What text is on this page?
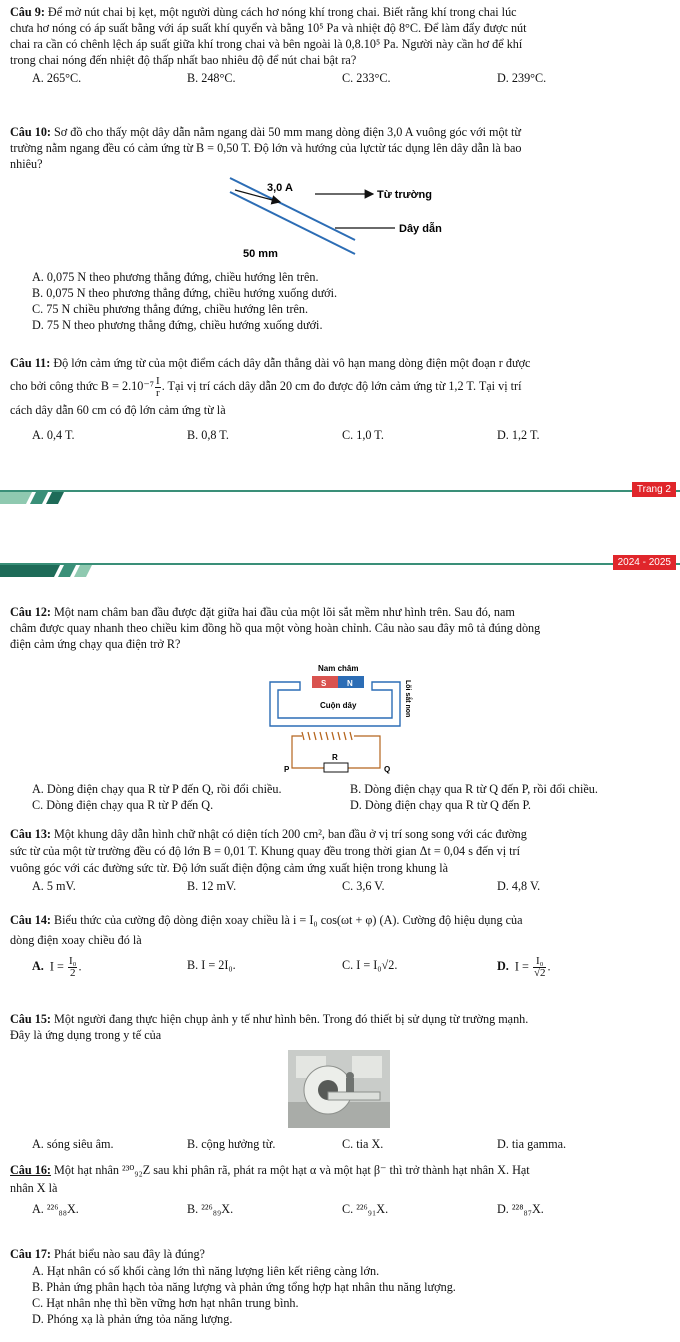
Câu 9: Để mở nút chai bị kẹt, một người dùng cách hơ nóng khí trong chai. Biết rằng khí trong chai lúc
chưa hơ nóng có áp suất bằng với áp suất khí quyển và bằng 10⁵ Pa và nhiệt độ 8°C. Để làm đẩy được nút
chai ra cần có chênh lệch áp suất giữa khí trong chai và bên ngoài là 0,8.10⁵ Pa. Người này cần hơ để khí
trong chai nóng đến nhiệt độ thấp nhất bao nhiêu độ để nút chai bật ra?
A. 265°C.	B. 248°C.	C. 233°C.	D. 239°C.
Câu 10: Sơ đồ cho thấy một dây dẫn nằm ngang dài 50 mm mang dòng điện 3,0 A vuông góc với một từ
trường nằm ngang đều có cảm ứng từ B = 0,50 T. Độ lớn và hướng của lựctừ tác dụng lên dây dẫn là bao
nhiêu?
3,0 A
Từ trường
Dây dẫn
50 mm
A. 0,075 N theo phương thẳng đứng, chiều hướng lên trên.
B. 0,075 N theo phương thẳng đứng, chiều hướng xuống dưới.
C. 75 N chiều phương thẳng đứng, chiều hướng lên trên.
D. 75 N theo phương thẳng đứng, chiều hướng xuống dưới.
Câu 11: Độ lớn cảm ứng từ của một điểm cách dây dẫn thẳng dài vô hạn mang dòng điện một đoạn r được
cho bởi công thức $B = 2.10^{-7} \frac{I}{r}$ . Tại vị trí cách dây dẫn 20 cm đo được độ lớn cảm ứng từ 1,2 T. Tại vị trí
cách dây dẫn 60 cm có độ lớn cảm ứng từ là
A. 0,4 T.	B. 0,8 T.	C. 1,0 T.	D. 1,2 T.
Trang 2
2024 - 2025
Câu 12: Một nam châm ban đầu được đặt giữa hai đầu của một lõi sắt mềm như hình trên. Sau đó, nam
châm được quay nhanh theo chiều kim đồng hồ qua một vòng hoàn chỉnh. Câu nào sau đây mô tả đúng dòng
điện cảm ứng chạy qua điện trở R?
Nam châm
S	N
Cuộn dây	Lõi sắt non
R
P	Q
A. Dòng điện chạy qua R từ P đến Q, rồi đổi chiều.	B. Dòng điện chạy qua R từ Q đến P, rồi đổi chiều.
C. Dòng điện chạy qua R từ P đến Q.	D. Dòng điện chạy qua R từ Q đến P.
Câu 13: Một khung dây dẫn hình chữ nhật có diện tích 200 cm², ban đầu ở vị trí song song với các đường
sức từ của một từ trường đều có độ lớn B = 0,01 T. Khung quay đều trong thời gian Δt = 0,04 s đến vị trí
vuông góc với các đường sức từ. Độ lớn suất điện động cảm ứng xuất hiện trong khung là
A. 5 mV.	B. 12 mV.	C. 3,6 V.	D. 4,8 V.
Câu 14: Biểu thức của cường độ dòng điện xoay chiều là i = I₀ cos(ωt + φ) (A). Cường độ hiệu dụng của
dòng điện xoay chiều đó là
A. $I = \frac{\text{I₀}}{2}$ .	B. I = 2I₀.	C. I = I₀√2.	D. $I = \frac{\text{I₀}}{√2}$ .
Câu 15: Một người đang thực hiện chụp ảnh y tế như hình bên. Trong đó thiết bị sử dụng từ trường mạnh.
Đây là ứng dụng trong y tế của
A. sóng siêu âm.	B. cộng hưởng từ.	C. tia X.	D. tia gamma.
Câu 16: Một hạt nhân ²³⁰₉₂Z sau khi phân rã, phát ra một hạt α và một hạt β⁻ thì trở thành hạt nhân X. Hạt
nhân X là
A. ²²⁶₈₈X.	B. ²²⁶₈₉X.	C. ²²⁶₉₁X.	D. ²²⁸₈₇X.
Câu 17: Phát biểu nào sau đây là đúng?
A. Hạt nhân có số khối càng lớn thì năng lượng liên kết riêng càng lớn.
B. Phản ứng phân hạch tỏa năng lượng và phản ứng tổng hợp hạt nhân thu năng lượng.
C. Hạt nhân nhẹ thì bền vững hơn hạt nhân trung bình.
D. Phóng xạ là phản ứng tỏa năng lượng.
